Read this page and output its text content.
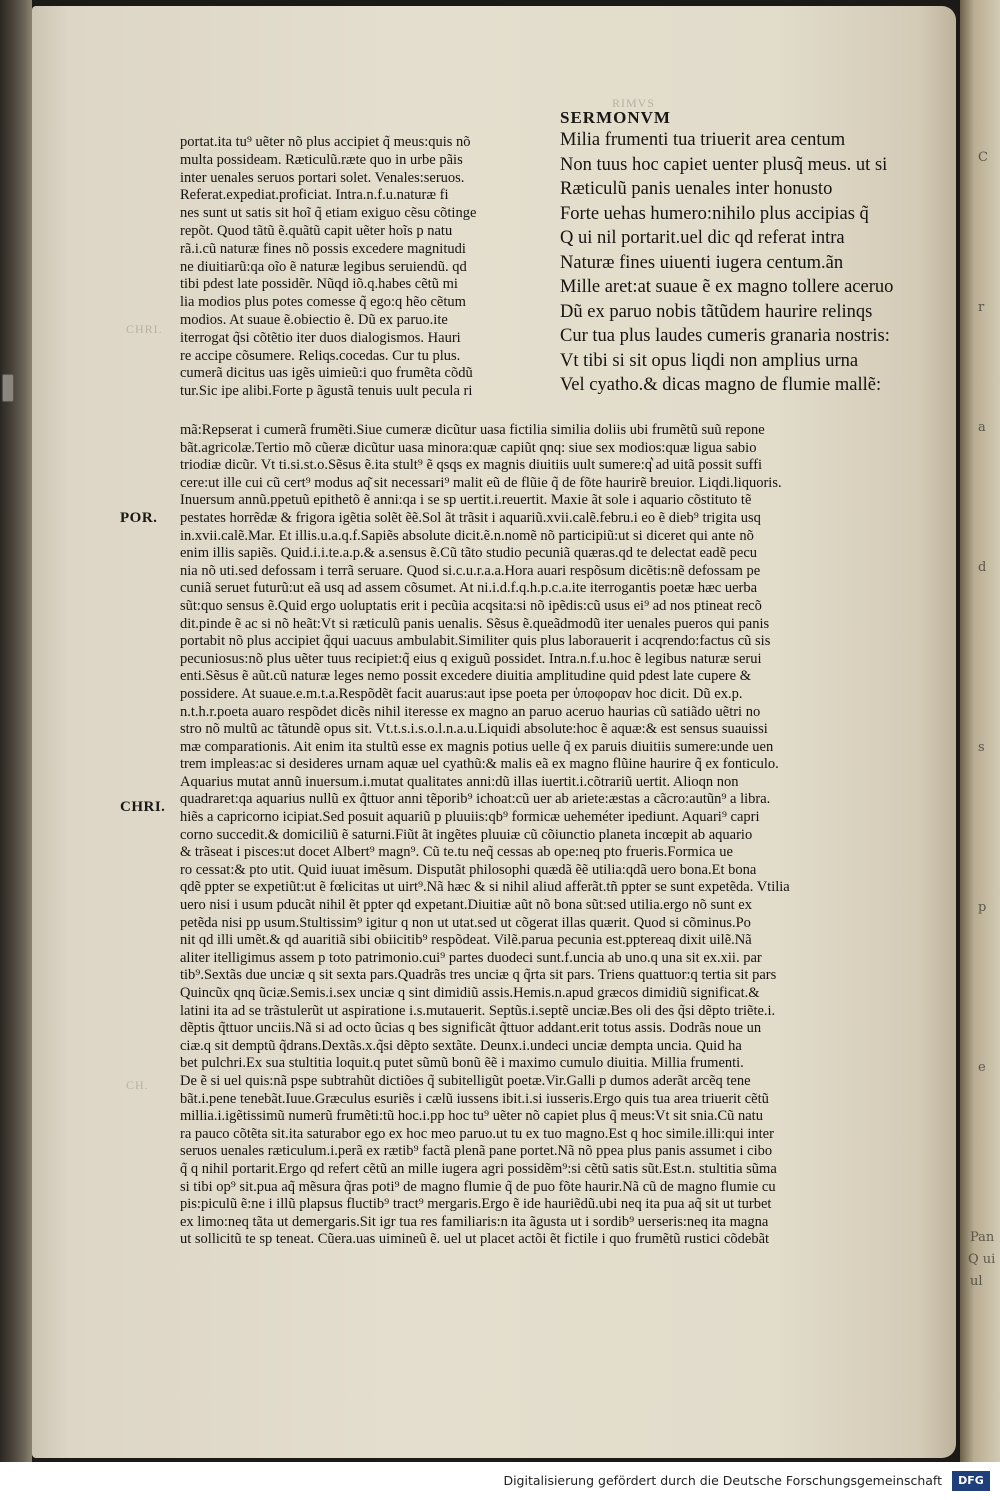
C
r
a
d
s
p
e
Pan
Q ui
ul
RIMVS
CHRI.
CH.
SERMONVM
POR.
CHRI.
portat.ita tu⁹ uẽter nõ plus accipiet q̃ meus:quis nõ
multa possideam. Ræticulũ.ræte quo in urbe pãis
inter uenales seruos portari solet. Venales:seruos.
Referat.expediat.proficiat. Intra.n.f.u.naturæ fi
nes sunt ut satis sit hoĩ q̃ etiam exiguo cẽsu cõtinge
repõt. Quod tãtũ ẽ.quãtũ capit uẽter hoĩs p natu
rã.i.cũ naturæ fines nõ possis excedere magnitudi
ne diuitiarũ:qa oĩo ẽ naturæ legibus seruiendũ. qd
tibi pdest late possidẽr. Nũqd iõ.q.habes cẽtũ mi
lia modios plus potes comesse q̃ ego:q hẽo cẽtum
modios. At suaue ẽ.obiectio ẽ. Dũ ex paruo.ite
iterrogat q̃si cõtẽtio iter duos dialogismos. Hauri
re accipe cõsumere. Reliqs.cocedas. Cur tu plus.
cumerã dicitus uas igẽs uimieũ:i quo frumẽta cõdũ
tur.Sic ipe alibi.Forte p ãgustã tenuis uult pecula ri
Milia frumenti tua triuerit area centum
Non tuus hoc capiet uenter plusq̃ meus. ut si
Ræticulũ panis uenales inter honusto
Forte uehas humero:nihilo plus accipias q̃
Q ui nil portarit.uel dic qd referat intra
Naturæ fines uiuenti iugera centum.ãn
Mille aret:at suaue ẽ ex magno tollere aceruo
Dũ ex paruo nobis tãtũdem haurire relinqs
Cur tua plus laudes cumeris granaria nostris:
Vt tibi si sit opus liqdi non amplius urna
Vel cyatho.& dicas magno de flumie mallẽ:
mã:Repserat i cumerã frumẽti.Siue cumeræ dicũtur uasa fictilia similia doliis ubi frumẽtũ suũ repone
bãt.agricolæ.Tertio mõ cũeræ dicũtur uasa minora:quæ capiũt qnq: siue sex modios:quæ ligua sabio
triodiæ dicũr. Vt ti.si.st.o.Sẽsus ẽ.ita stult⁹ ẽ qsqs ex magnis diuitiis uult sumere:q͛ ad uitã possit suffi
cere:ut ille cui cũ cert⁹ modus aq͂ sit necessari⁹ malit eũ de flũie q̃ de fõte haurirẽ breuior. Liqdi.liquoris.
Inuersum annũ.ppetuũ epithetõ ẽ anni:qa i se sp uertit.i.reuertit. Maxie ãt sole i aquario cõstituto tẽ
pestates horrẽdæ & frigora igẽtia solẽt ẽẽ.Sol ãt trãsit i aquariũ.xvii.calẽ.febru.i eo ẽ dieb⁹ trigita usq
in.xvii.calẽ.Mar. Et illis.u.a.q.f.Sapiẽs absolute dicit.ẽ.n.nomẽ nõ participiũ:ut si diceret qui ante nõ
enim illis sapiẽs. Quid.i.i.te.a.p.& a.sensus ẽ.Cũ tãto studio pecuniã quæras.qd te delectat eadẽ pecu
nia nõ uti.sed defossam i terrã seruare. Quod si.c.u.r.a.a.Hora auari respõsum dicẽtis:nẽ defossam pe
cuniã seruet futurũ:ut eã usq ad assem cõsumet. At ni.i.d.f.q.h.p.c.a.ite iterrogantis poetæ hæc uerba
sũt:quo sensus ẽ.Quid ergo uoluptatis erit i pecũia acqsita:si nõ ipẽdis:cũ usus ei⁹ ad nos ptineat recõ
dit.pinde ẽ ac si nõ heãt:Vt si ræticulũ panis uenalis. Sẽsus ẽ.queãdmodũ iter uenales pueros qui panis
portabit nõ plus accipiet q̃qui uacuus ambulabit.Similiter quis plus laborauerit i acqrendo:factus cũ sis
pecuniosus:nõ plus uẽter tuus recipiet:q̃ eius q exiguũ possidet. Intra.n.f.u.hoc ẽ legibus naturæ serui
enti.Sẽsus ẽ aũt.cũ naturæ leges nemo possit excedere diuitia amplitudine quid pdest late cupere &
possidere. At suaue.e.m.t.a.Respõdẽt facit auarus:aut ipse poeta per ὑποφοραν hoc dicit. Dũ ex.p.
n.t.h.r.poeta auaro respõdet dicẽs nihil iteresse ex magno an paruo aceruo haurias cũ satiãdo uẽtri no
stro nõ multũ ac tãtundẽ opus sit. Vt.t.s.i.s.o.l.n.a.u.Liquidi absolute:hoc ẽ aquæ:& est sensus suauissi
mæ comparationis. Ait enim ita stultũ esse ex magnis potius uelle q̃ ex paruis diuitiis sumere:unde uen
trem impleas:ac si desideres urnam aquæ uel cyathũ:& malis eã ex magno flũine haurire q̃ ex fonticulo.
Aquarius mutat annũ inuersum.i.mutat qualitates anni:dũ illas iuertit.i.cõtrariũ uertit. Alioqn non
quadraret:qa aquarius nullũ ex q̃ttuor anni tẽporib⁹ ichoat:cũ uer ab ariete:æstas a cãcro:autũn⁹ a libra.
hiẽs a capricorno icipiat.Sed posuit aquariũ p pluuiis:qb⁹ formicæ ueheméter ipediunt. Aquari⁹ capri
corno succedit.& domiciliũ ẽ saturni.Fiũt ãt ingẽtes pluuiæ cũ cõiunctio planeta incœpit ab aquario
& trãseat i pisces:ut docet Albert⁹ magn⁹. Cũ te.tu neq̃ cessas ab ope:neq pto frueris.Formica ue
ro cessat:& pto utit. Quid iuuat imẽsum. Disputãt philosophi quædã ẽẽ utilia:qdã uero bona.Et bona
qdẽ ppter se expetiũt:ut ẽ fœlicitas ut uirt⁹.Nã hæc & si nihil aliud afferãt.tñ ppter se sunt expetẽda. Vtilia
uero nisi i usum pducãt nihil ẽt ppter qd expetant.Diuitiæ aũt nõ bona sũt:sed utilia.ergo nõ sunt ex
petẽda nisi pp usum.Stultissim⁹ igitur q non ut utat.sed ut cõgerat illas quærit. Quod si cõminus.Po
nit qd illi umẽt.& qd auaritiã sibi obiicitib⁹ respõdeat. Vilẽ.parua pecunia est.pptereaq dixit uilẽ.Nã
aliter itelligimus assem p toto patrimonio.cui⁹ partes duodeci sunt.f.uncia ab uno.q una sit ex.xii. par
tib⁹.Sextãs due unciæ q sit sexta pars.Quadrãs tres unciæ q q̃rta sit pars. Triens quattuor:q tertia sit pars
Quincũx qnq ũciæ.Semis.i.sex unciæ q sint dimidiũ assis.Hemis.n.apud græcos dimidiũ significat.&
latini ita ad se trãstulerũt ut aspiratione i.s.mutauerit. Septũs.i.septẽ unciæ.Bes oli des q̃si dẽpto triẽte.i.
dẽptis q̃ttuor unciis.Nã si ad octo ũcias q bes significãt q̃ttuor addant.erit totus assis. Dodrãs noue un
ciæ.q sit demptũ q̃drans.Dextãs.x.q̃si dẽpto sextãte. Deunx.i.undeci unciæ dempta uncia. Quid ha
bet pulchri.Ex sua stultitia loquit.q putet sũmũ bonũ ẽẽ i maximo cumulo diuitia. Millia frumenti.
De ẽ si uel quis:nã pspe subtrahũt dictiões q̃ subitelligũt poetæ.Vir.Galli p dumos aderãt arcẽq tene
bãt.i.pene tenebãt.Iuue.Græculus esuriẽs i cælũ iussens ibit.i.si iusseris.Ergo quis tua area triuerit cẽtũ
millia.i.igẽtissimũ numerũ frumẽti:tũ hoc.i.pp hoc tu⁹ uẽter nõ capiet plus q̃ meus:Vt sit snia.Cũ natu
ra pauco cõtẽta sit.ita saturabor ego ex hoc meo paruo.ut tu ex tuo magno.Est q hoc simile.illi:qui inter
seruos uenales ræticulum.i.perã ex rætib⁹ factã plenã pane portet.Nã nõ ppea plus panis assumet i cibo
q̃ q nihil portarit.Ergo qd refert cẽtũ an mille iugera agri possidẽm⁹:si cẽtũ satis sũt.Est.n. stultitia sũma
si tibi op⁹ sit.pua aq̃ mẽsura q̃ras poti⁹ de magno flumie q̃ de puo fõte haurir.Nã cũ de magno flumie cu
pis:piculũ ẽ:ne i illũ plapsus fluctib⁹ tract⁹ mergaris.Ergo ẽ ide hauriẽdũ.ubi neq ita pua aq̃ sit ut turbet
ex limo:neq tãta ut demergaris.Sit igr tua res familiaris:n ita ãgusta ut i sordib⁹ uerseris:neq ita magna
ut sollicitũ te sp teneat. Cũera.uas uimineũ ẽ. uel ut placet actõi ẽt fictile i quo frumẽtũ rustici cõdebãt
Digitalisierung gefördert durch die Deutsche Forschungsgemeinschaft	DFG
